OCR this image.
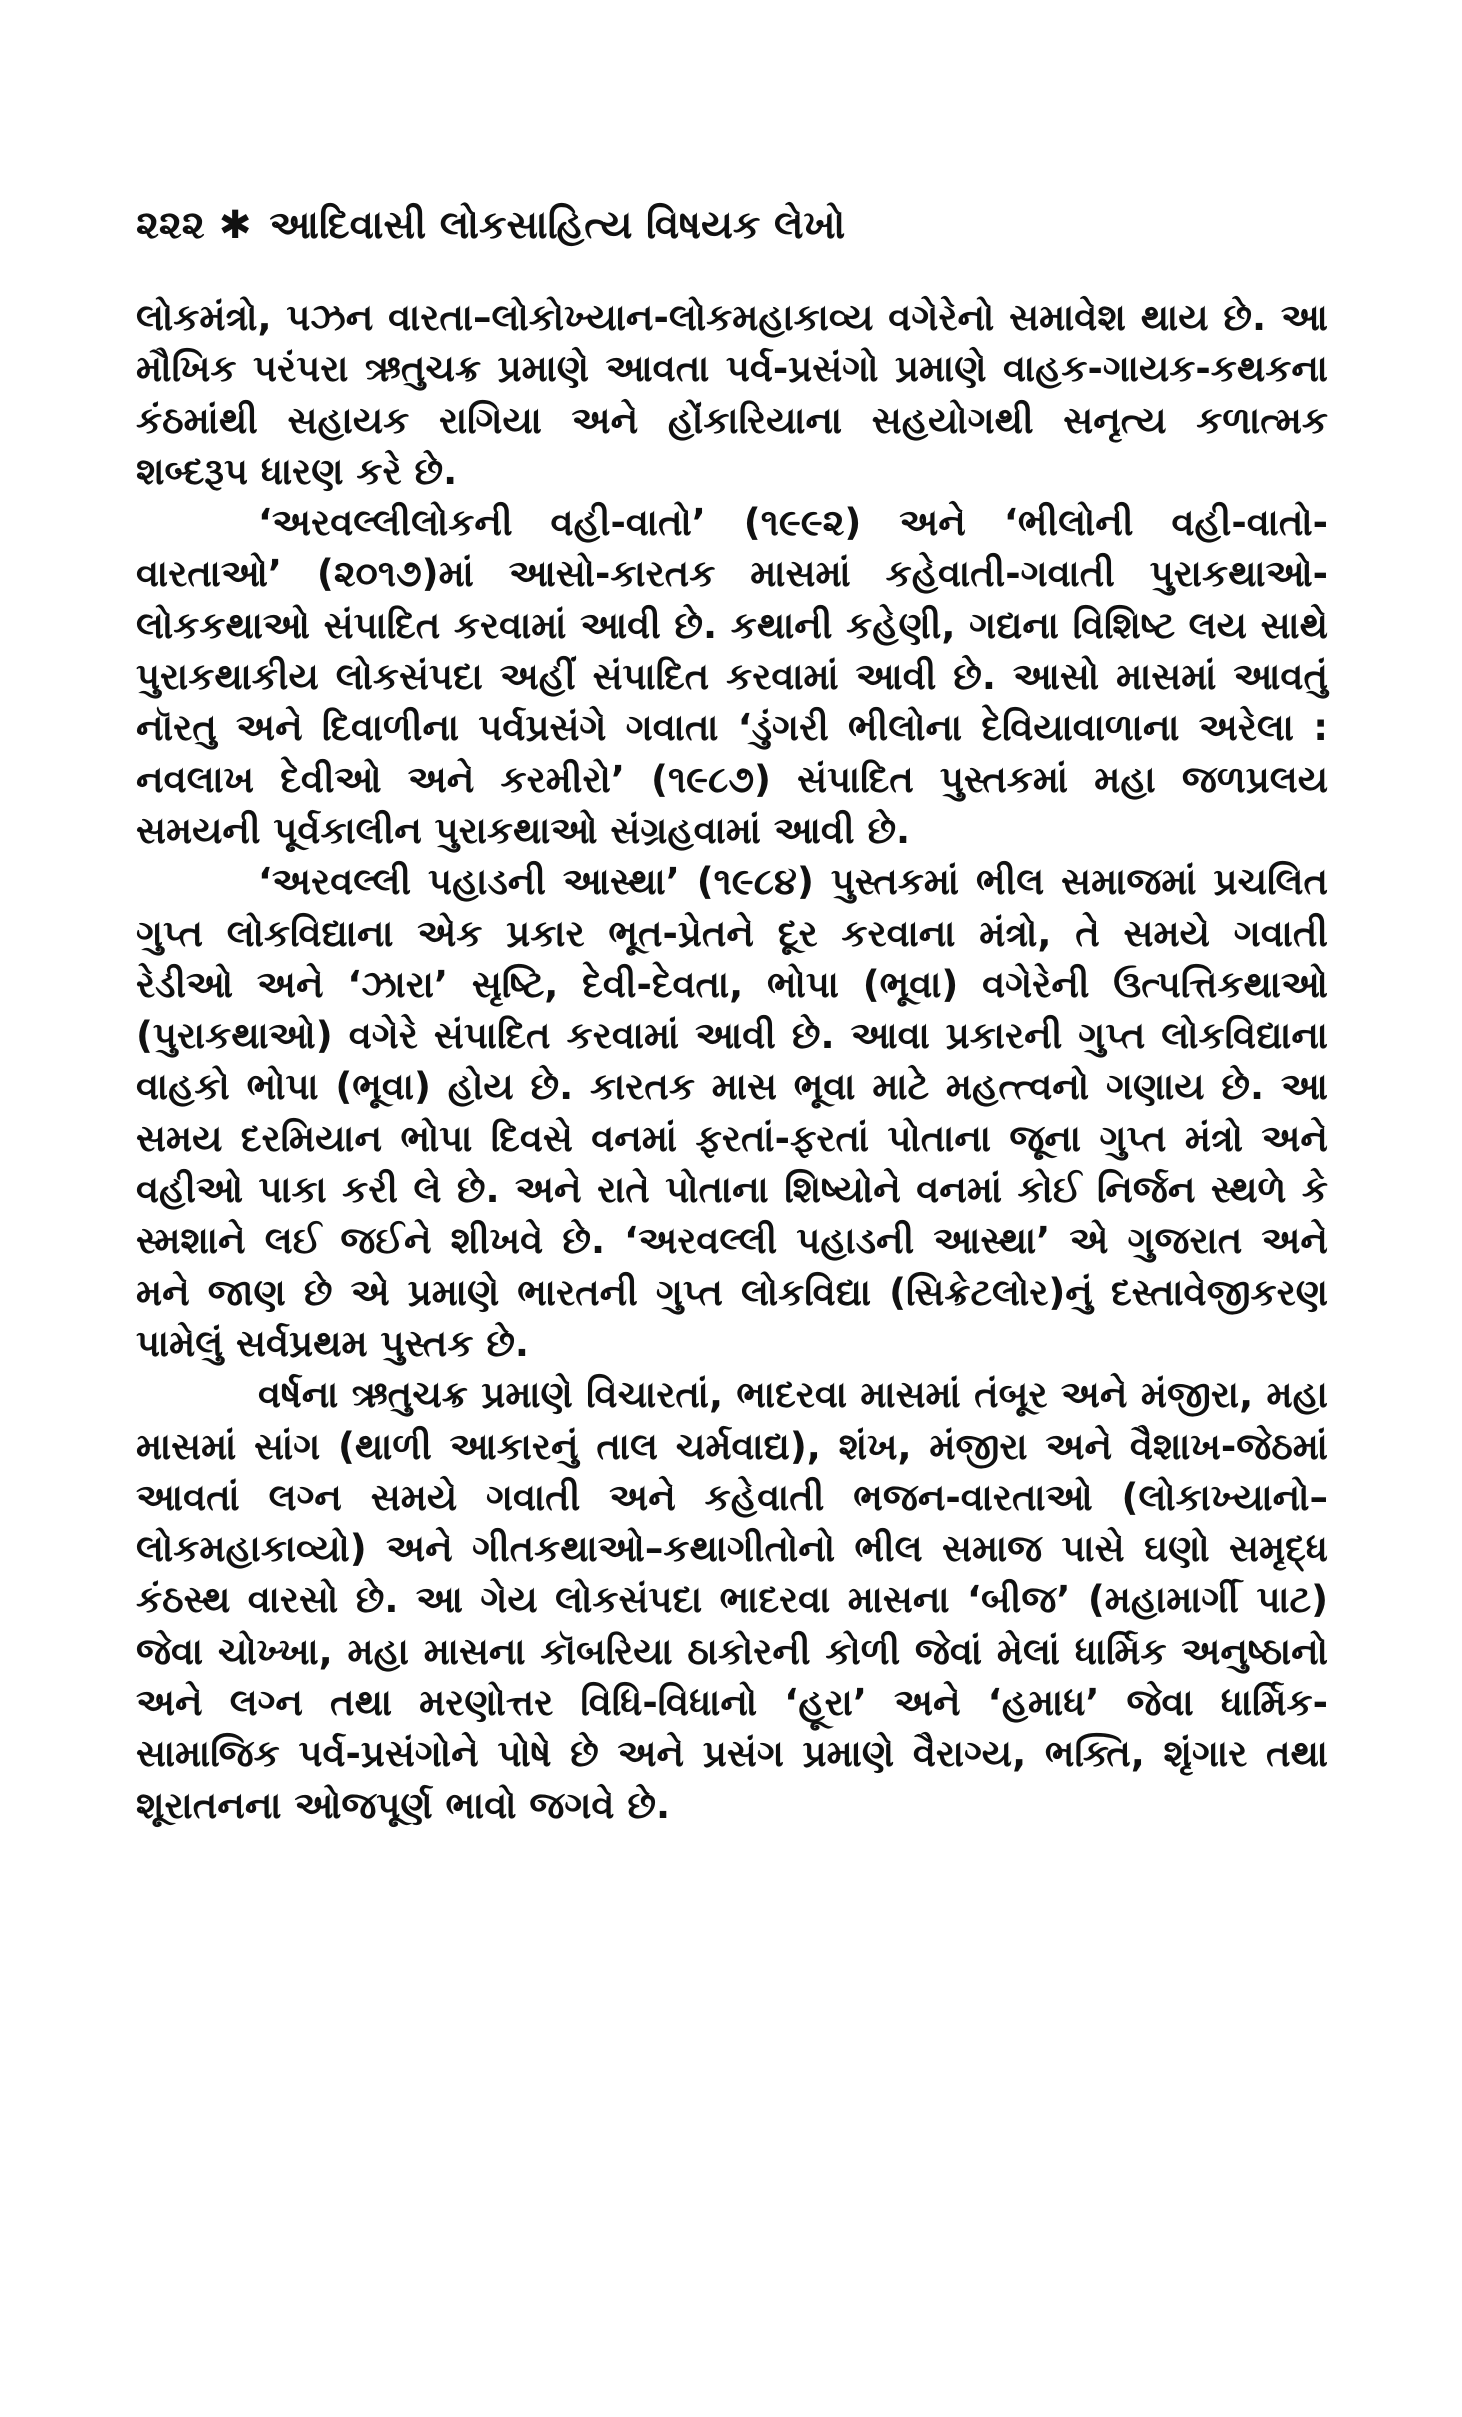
૨૨૨ ✱ આદિવાસી લોકસાહિત્ય વિષયક લેખો

લોકમંત્રો, પઝન વારતા–લોકોખ્યાન-લોકમહાકાવ્ય વગેરેનો સમાવેશ થાય છે. આ મૌખિક પરંપરા ઋતુચક્ર પ્રમાણે આવતા પર્વ-પ્રસંગો પ્રમાણે વાહક-ગાયક-કથકના કંઠમાંથી સહાયક રાગિયા અને હોંકારિયાના સહયોગથી સનૃત્ય કળાત્મક શબ્દરૂપ ધારણ કરે છે.

‘અરવલ્લીલોકની વહી-વાતો’ (૧૯૯૨) અને ‘ભીલોની વહી-વાતો-વારતાઓ’ (૨૦૧૭)માં આસો-કારતક માસમાં કહેવાતી-ગવાતી પુરાકથાઓ-લોકકથાઓ સંપાદિત કરવામાં આવી છે. કથાની કહેણી, ગદ્યના વિશિષ્ટ લય સાથે પુરાકથાકીય લોકસંપદા અહીં સંપાદિત કરવામાં આવી છે. આસો માસમાં આવતું નૉરતુ અને દિવાળીના પર્વપ્રસંગે ગવાતા ‘ડુંગરી ભીલોના દેવિયાવાળાના અરેલા : નવલાખ દેવીઓ અને કરમીરો’ (૧૯૮૭) સંપાદિત પુસ્તકમાં મહા જળપ્રલય સમયની પૂર્વકાલીન પુરાકથાઓ સંગ્રહવામાં આવી છે.

‘અરવલ્લી પહાડની આસ્થા’ (૧૯૮૪) પુસ્તકમાં ભીલ સમાજમાં પ્રચલિત ગુપ્ત લોકવિદ્યાના એક પ્રકાર ભૂત-પ્રેતને દૂર કરવાના મંત્રો, તે સમયે ગવાતી રેડીઓ અને ‘ઝારા’ સૃષ્ટિ, દેવી-દેવતા, ભોપા (ભૂવા) વગેરેની ઉત્પત્તિકથાઓ (પુરાકથાઓ) વગેરે સંપાદિત કરવામાં આવી છે. આવા પ્રકારની ગુપ્ત લોકવિદ્યાના વાહકો ભોપા (ભૂવા) હોય છે. કારતક માસ ભૂવા માટે મહત્ત્વનો ગણાય છે. આ સમય દરમિયાન ભોપા દિવસે વનમાં ફરતાં-ફરતાં પોતાના જૂના ગુપ્ત મંત્રો અને વહીઓ પાકા કરી લે છે. અને રાતે પોતાના શિષ્યોને વનમાં કોઈ નિર્જન સ્થળે કે સ્મશાને લઈ જઈને શીખવે છે. ‘અરવલ્લી પહાડની આસ્થા’ એ ગુજરાત અને મને જાણ છે એ પ્રમાણે ભારતની ગુપ્ત લોકવિદ્યા (સિક્રેટલોર)નું દસ્તાવેજીકરણ પામેલું સર્વપ્રથમ પુસ્તક છે.

વર્ષના ઋતુચક્ર પ્રમાણે વિચારતાં, ભાદરવા માસમાં તંબૂર અને મંજીરા, મહા માસમાં સાંગ (થાળી આકારનું તાલ ચર્મવાદ્ય), શંખ, મંજીરા અને વૈશાખ-જેઠમાં આવતાં લગ્ન સમયે ગવાતી અને કહેવાતી ભજન-વારતાઓ (લોકાખ્યાનો–લોકમહાકાવ્યો) અને ગીતકથાઓ–કથાગીતોનો ભીલ સમાજ પાસે ઘણો સમૃદ્ધ કંઠસ્થ વારસો છે. આ ગેય લોકસંપદા ભાદરવા માસના ‘બીજ’ (મહામાર્ગી પાટ) જેવા ચોખ્ખા, મહા માસના કૉબરિયા ઠાકોરની કોળી જેવાં મેલાં ધાર્મિક અનુષ્ઠાનો અને લગ્ન તથા મરણોત્તર વિધિ-વિધાનો ‘હૂરા’ અને ‘હમાધ’ જેવા ધાર્મિક-સામાજિક પર્વ-પ્રસંગોને પોષે છે અને પ્રસંગ પ્રમાણે વૈરાગ્ય, ભક્તિ, શૃંગાર તથા શૂરાતનના ઓજપૂર્ણ ભાવો જગવે છે.
